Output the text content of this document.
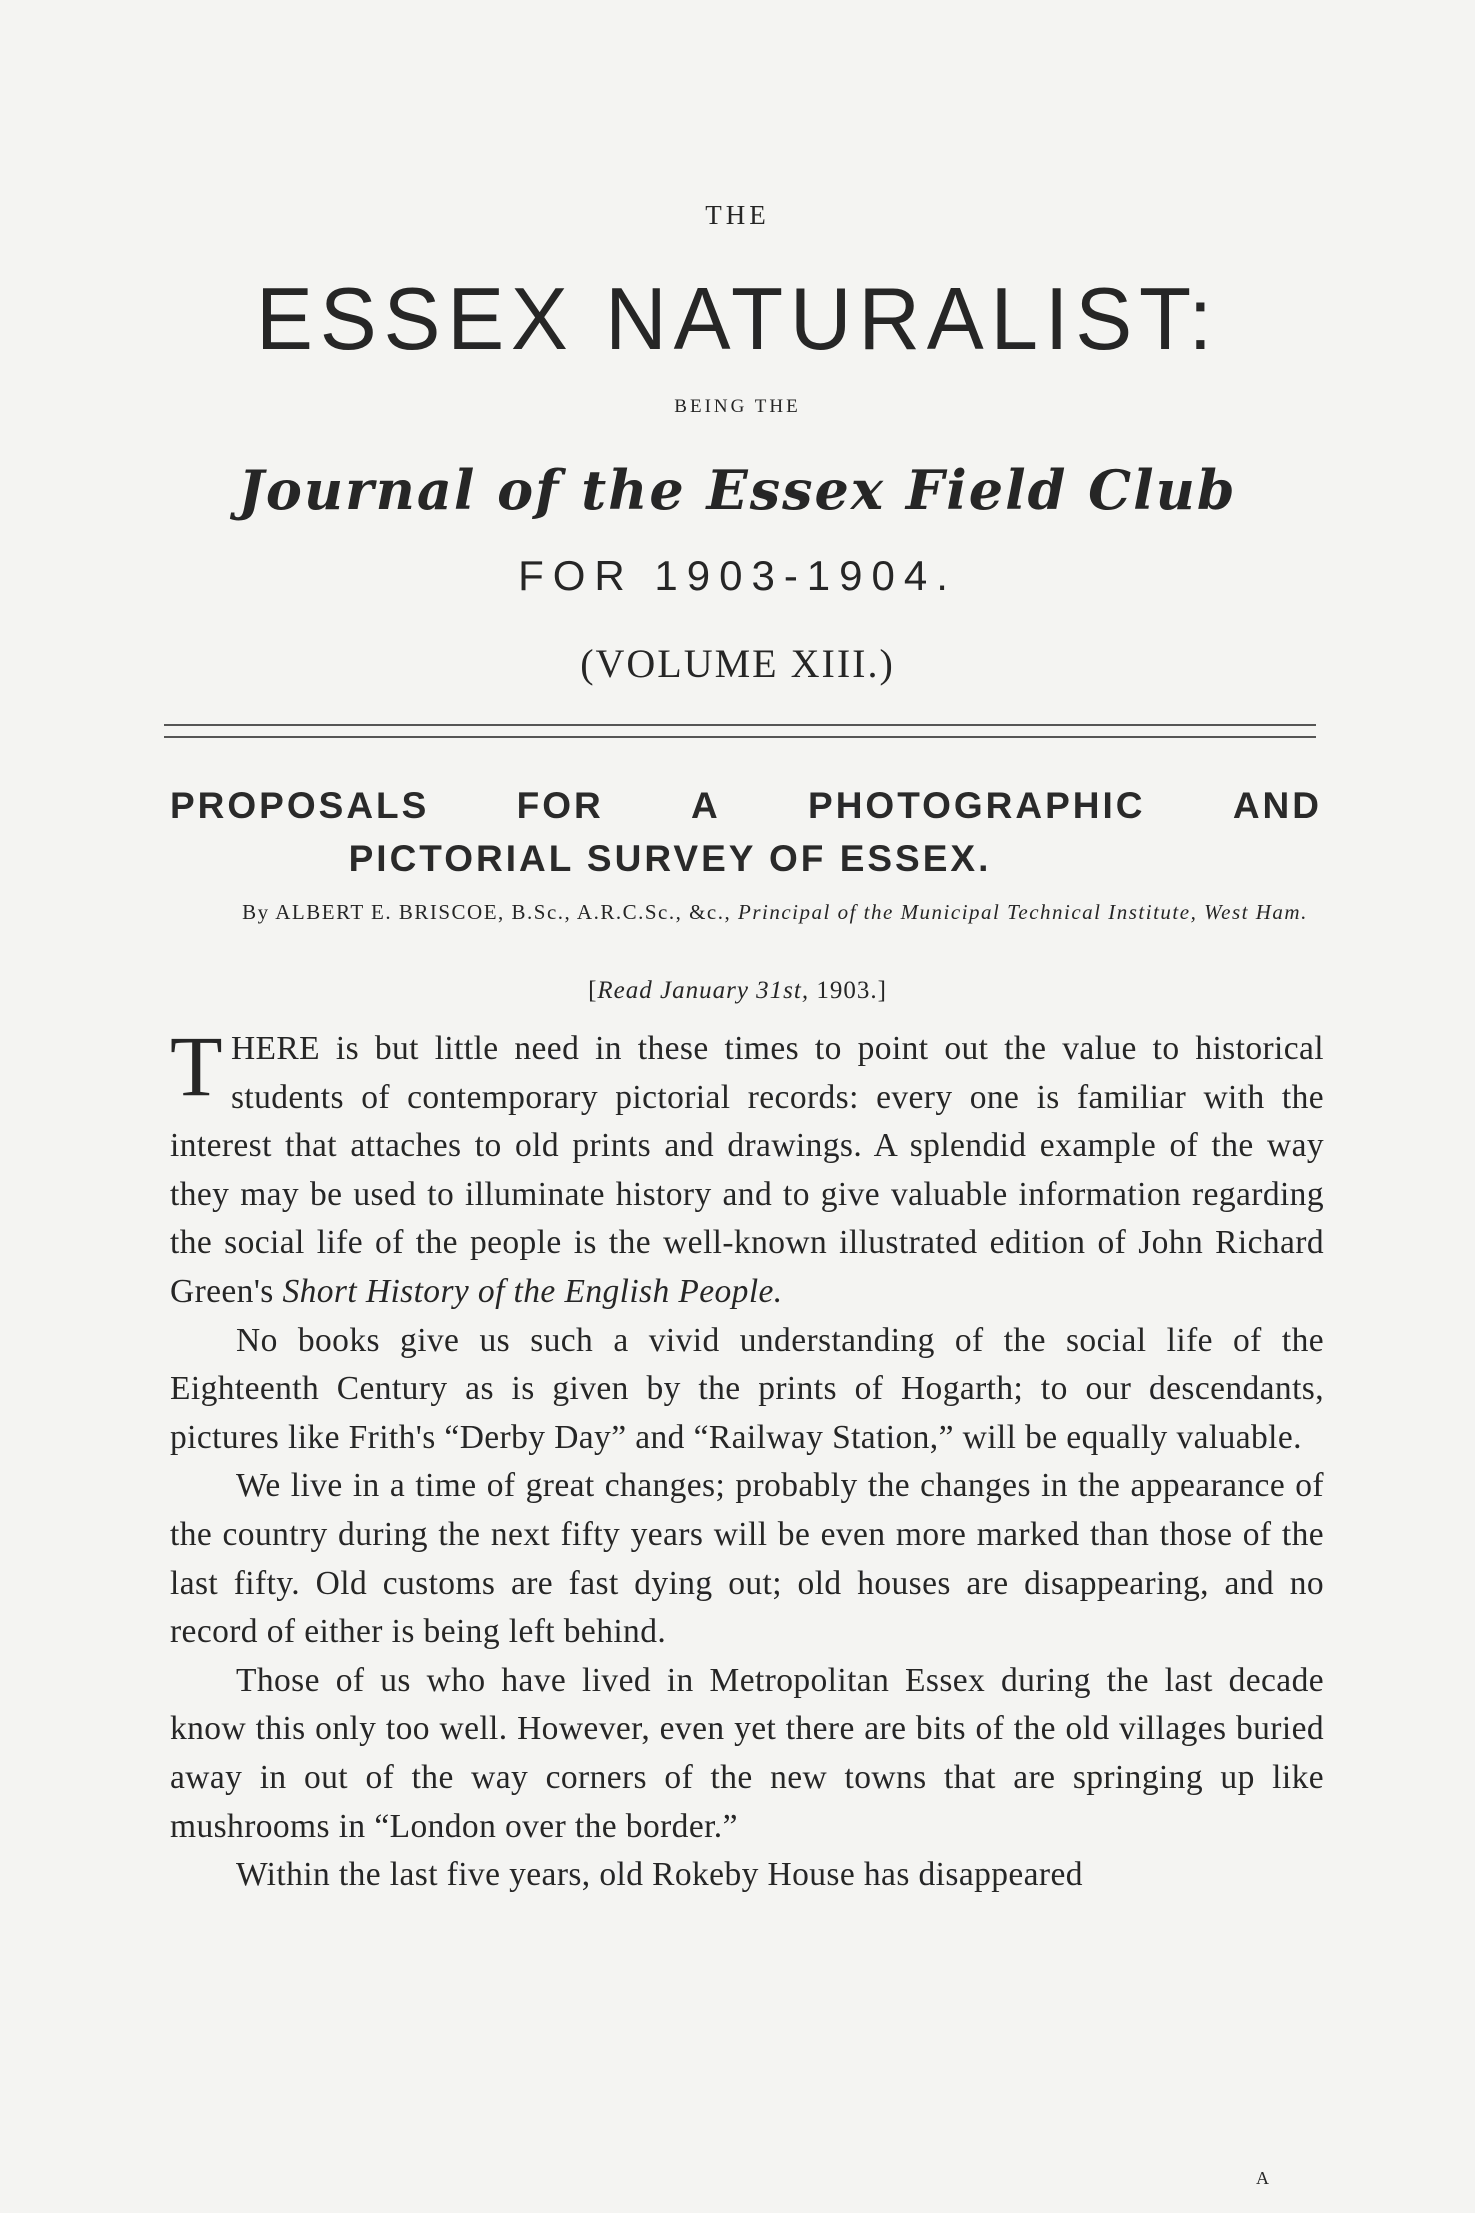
THE
ESSEX NATURALIST:
BEING THE
Journal of the Essex Field Club
FOR 1903-1904.
(VOLUME XIII.)
PROPOSALS FOR A PHOTOGRAPHIC AND
PICTORIAL SURVEY OF ESSEX.
By ALBERT E. BRISCOE, B.Sc., A.R.C.Sc., &c., Principal of the Municipal Technical Institute, West Ham.
[Read January 31st, 1903.]

THERE is but little need in these times to point out the value to historical students of contemporary pictorial records: every one is familiar with the interest that attaches to old prints and drawings. A splendid example of the way they may be used to illuminate history and to give valuable information regarding the social life of the people is the well-known illustrated edition of John Richard Green's Short History of the English People.

No books give us such a vivid understanding of the social life of the Eighteenth Century as is given by the prints of Hogarth; to our descendants, pictures like Frith's “Derby Day” and “Railway Station,” will be equally valuable.

We live in a time of great changes; probably the changes in the appearance of the country during the next fifty years will be even more marked than those of the last fifty. Old customs are fast dying out; old houses are disappearing, and no record of either is being left behind.

Those of us who have lived in Metropolitan Essex during the last decade know this only too well. However, even yet there are bits of the old villages buried away in out of the way corners of the new towns that are springing up like mushrooms in “London over the border.”

Within the last five years, old Rokeby House has disappeared

A
